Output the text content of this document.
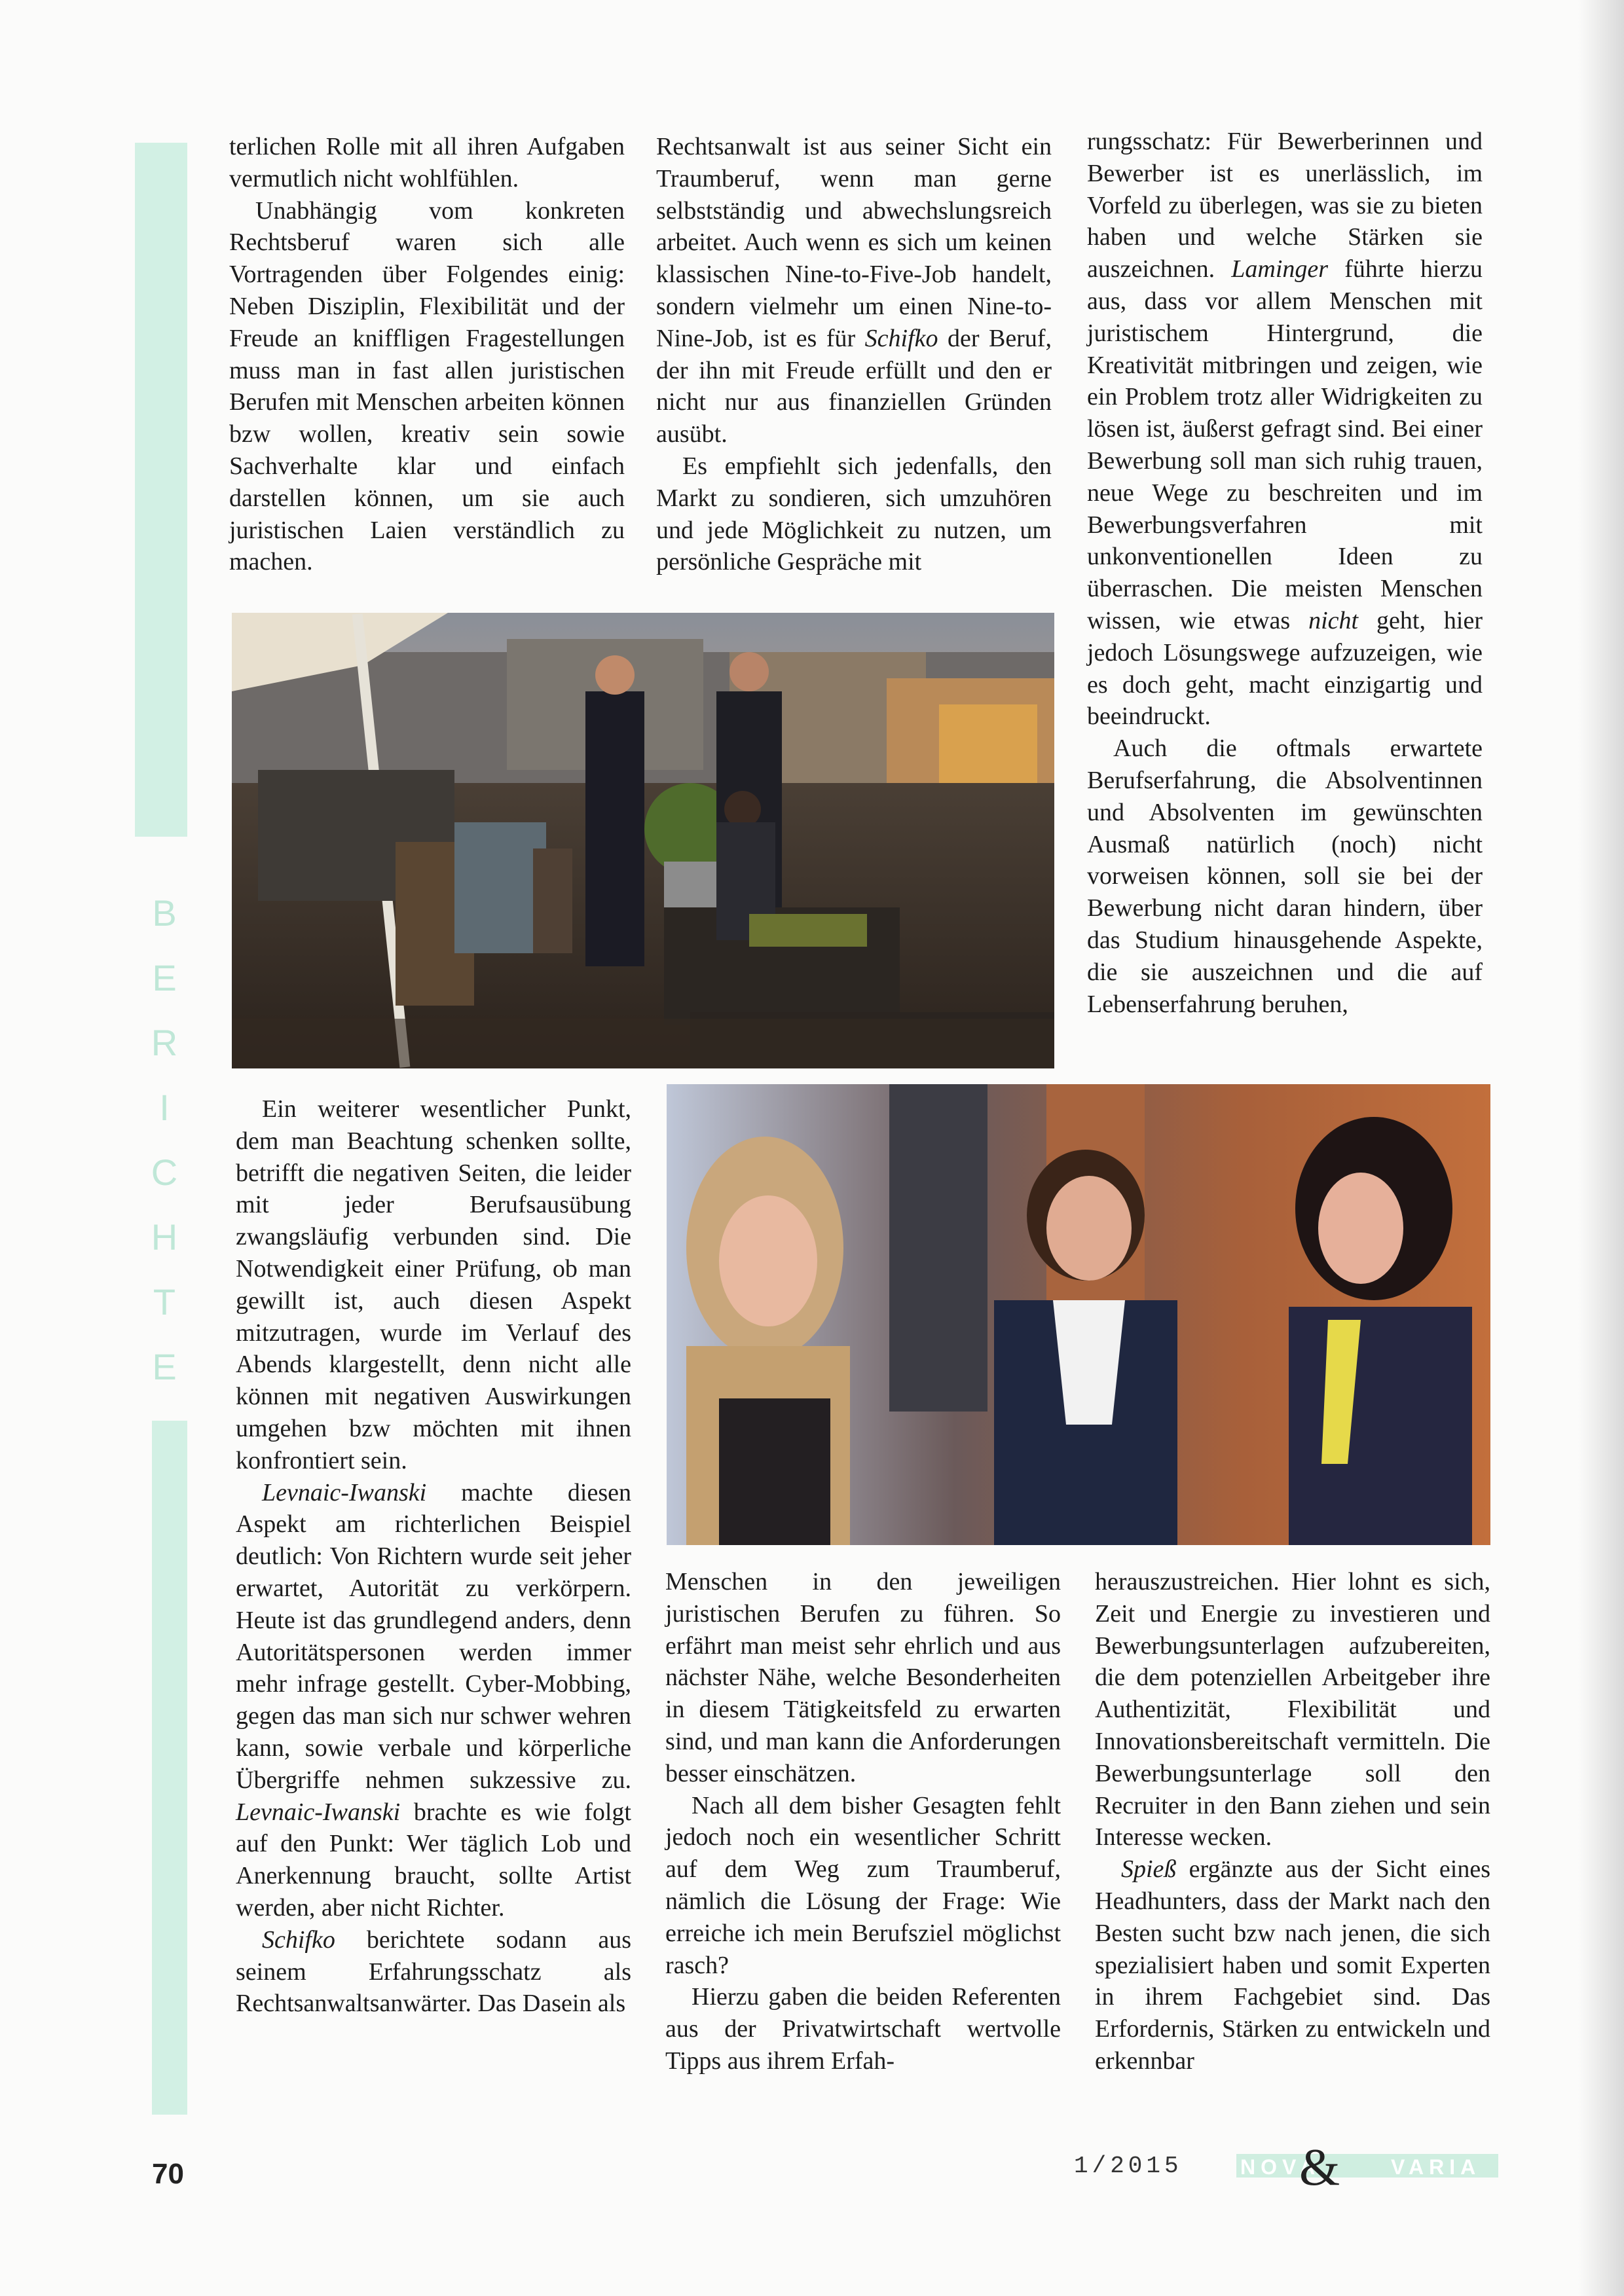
B
E
R
I
C
H
T
E

terlichen Rolle mit all ihren Aufgaben vermutlich nicht wohlfühlen.

Unabhängig vom konkreten Rechtsberuf waren sich alle Vortragenden über Folgendes einig: Neben Disziplin, Flexibilität und der Freude an kniffligen Fragestellungen muss man in fast allen juristischen Berufen mit Menschen arbeiten können bzw wollen, kreativ sein sowie Sachverhalte klar und einfach darstellen können, um sie auch juristischen Laien verständlich zu machen.

Rechtsanwalt ist aus seiner Sicht ein Traumberuf, wenn man gerne selbstständig und abwechslungsreich arbeitet. Auch wenn es sich um keinen klassischen Nine-to-Five-Job handelt, sondern vielmehr um einen Nine-to-Nine-Job, ist es für Schifko der Beruf, der ihn mit Freude erfüllt und den er nicht nur aus finanziellen Gründen ausübt.

Es empfiehlt sich jedenfalls, den Markt zu sondieren, sich umzuhören und jede Möglichkeit zu nutzen, um persönliche Gespräche mit

rungsschatz: Für Bewerberinnen und Bewerber ist es unerlässlich, im Vorfeld zu überlegen, was sie zu bieten haben und welche Stärken sie auszeichnen. Laminger führte hierzu aus, dass vor allem Menschen mit juristischem Hintergrund, die Kreativität mitbringen und zeigen, wie ein Problem trotz aller Widrigkeiten zu lösen ist, äußerst gefragt sind. Bei einer Bewerbung soll man sich ruhig trauen, neue Wege zu beschreiten und im Bewerbungsverfahren mit unkonventionellen Ideen zu überraschen. Die meisten Menschen wissen, wie etwas nicht geht, hier jedoch Lösungswege aufzuzeigen, wie es doch geht, macht einzigartig und beeindruckt.

Auch die oftmals erwartete Berufserfahrung, die Absolventinnen und Absolventen im gewünschten Ausmaß natürlich (noch) nicht vorweisen können, soll sie bei der Bewerbung nicht daran hindern, über das Studium hinausgehende Aspekte, die sie auszeichnen und die auf Lebenserfahrung beruhen,

Ein weiterer wesentlicher Punkt, dem man Beachtung schenken sollte, betrifft die negativen Seiten, die leider mit jeder Berufsausübung zwangsläufig verbunden sind. Die Notwendigkeit einer Prüfung, ob man gewillt ist, auch diesen Aspekt mitzutragen, wurde im Verlauf des Abends klargestellt, denn nicht alle können mit negativen Auswirkungen umgehen bzw möchten mit ihnen konfrontiert sein.

Levnaic-Iwanski machte diesen Aspekt am richterlichen Beispiel deutlich: Von Richtern wurde seit jeher erwartet, Autorität zu verkörpern. Heute ist das grundlegend anders, denn Autoritätspersonen werden immer mehr infrage gestellt. Cyber-Mobbing, gegen das man sich nur schwer wehren kann, sowie verbale und körperliche Übergriffe nehmen sukzessive zu. Levnaic-Iwanski brachte es wie folgt auf den Punkt: Wer täglich Lob und Anerkennung braucht, sollte Artist werden, aber nicht Richter.

Schifko berichtete sodann aus seinem Erfahrungsschatz als Rechtsanwaltsanwärter. Das Dasein als

Menschen in den jeweiligen juristischen Berufen zu führen. So erfährt man meist sehr ehrlich und aus nächster Nähe, welche Besonderheiten in diesem Tätigkeitsfeld zu erwarten sind, und man kann die Anforderungen besser einschätzen.

Nach all dem bisher Gesagten fehlt jedoch noch ein wesentlicher Schritt auf dem Weg zum Traumberuf, nämlich die Lösung der Frage: Wie erreiche ich mein Berufsziel möglichst rasch?

Hierzu gaben die beiden Referenten aus der Privatwirtschaft wertvolle Tipps aus ihrem Erfah-

herauszustreichen. Hier lohnt es sich, Zeit und Energie zu investieren und Bewerbungsunterlagen aufzubereiten, die dem potenziellen Arbeitgeber ihre Authentizität, Flexibilität und Innovationsbereitschaft vermitteln. Die Bewerbungsunterlage soll den Recruiter in den Bann ziehen und sein Interesse wecken.

Spieß ergänzte aus der Sicht eines Headhunters, dass der Markt nach den Besten sucht bzw nach jenen, die sich spezialisiert haben und somit Experten in ihrem Fachgebiet sind. Das Erfordernis, Stärken zu entwickeln und erkennbar

70	1/2015	NOVA
& VARIA
